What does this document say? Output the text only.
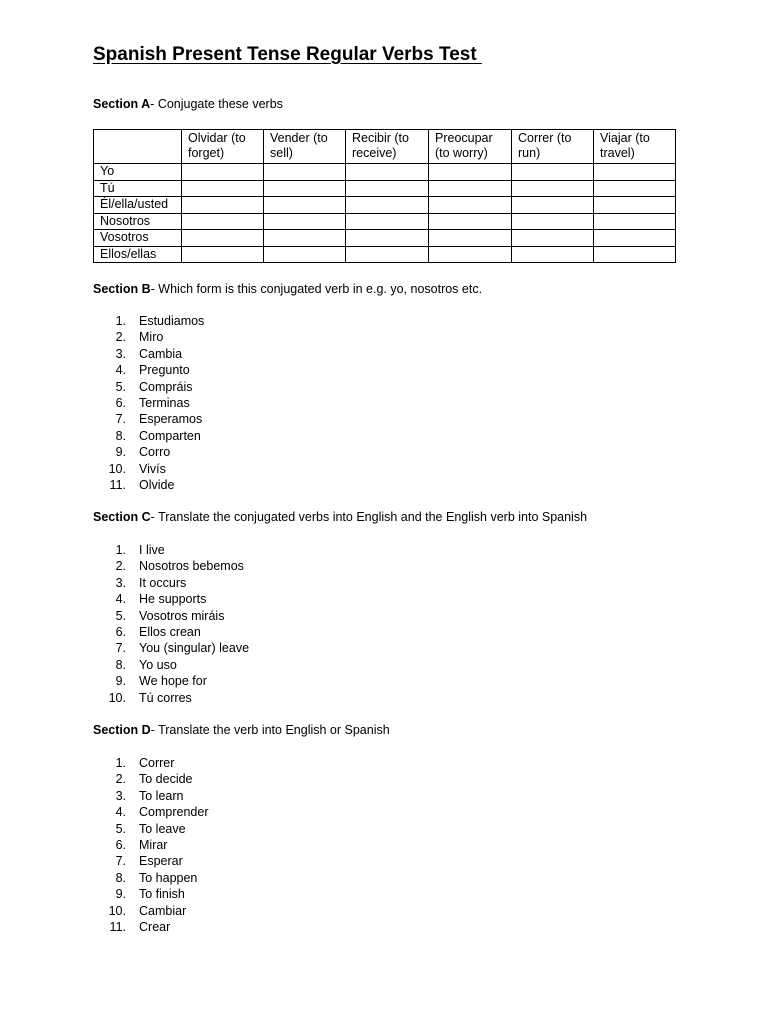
Spanish Present Tense Regular Verbs Test
Section A- Conjugate these verbs
	Olvidar (to forget)	Vender (to sell)	Recibir (to receive)	Preocupar (to worry)	Correr (to run)	Viajar (to travel)
Yo						
Tú						
Él/ella/usted						
Nosotros						
Vosotros						
Ellos/ellas						
Section B- Which form is this conjugated verb in e.g. yo, nosotros etc.
1. Estudiamos
2. Miro
3. Cambia
4. Pregunto
5. Compráis
6. Terminas
7. Esperamos
8. Comparten
9. Corro
10. Vivís
11. Olvide
Section C- Translate the conjugated verbs into English and the English verb into Spanish
1. I live
2. Nosotros bebemos
3. It occurs
4. He supports
5. Vosotros miráis
6. Ellos crean
7. You (singular) leave
8. Yo uso
9. We hope for
10. Tú corres
Section D- Translate the verb into English or Spanish
1. Correr
2. To decide
3. To learn
4. Comprender
5. To leave
6. Mirar
7. Esperar
8. To happen
9. To finish
10. Cambiar
11. Crear
